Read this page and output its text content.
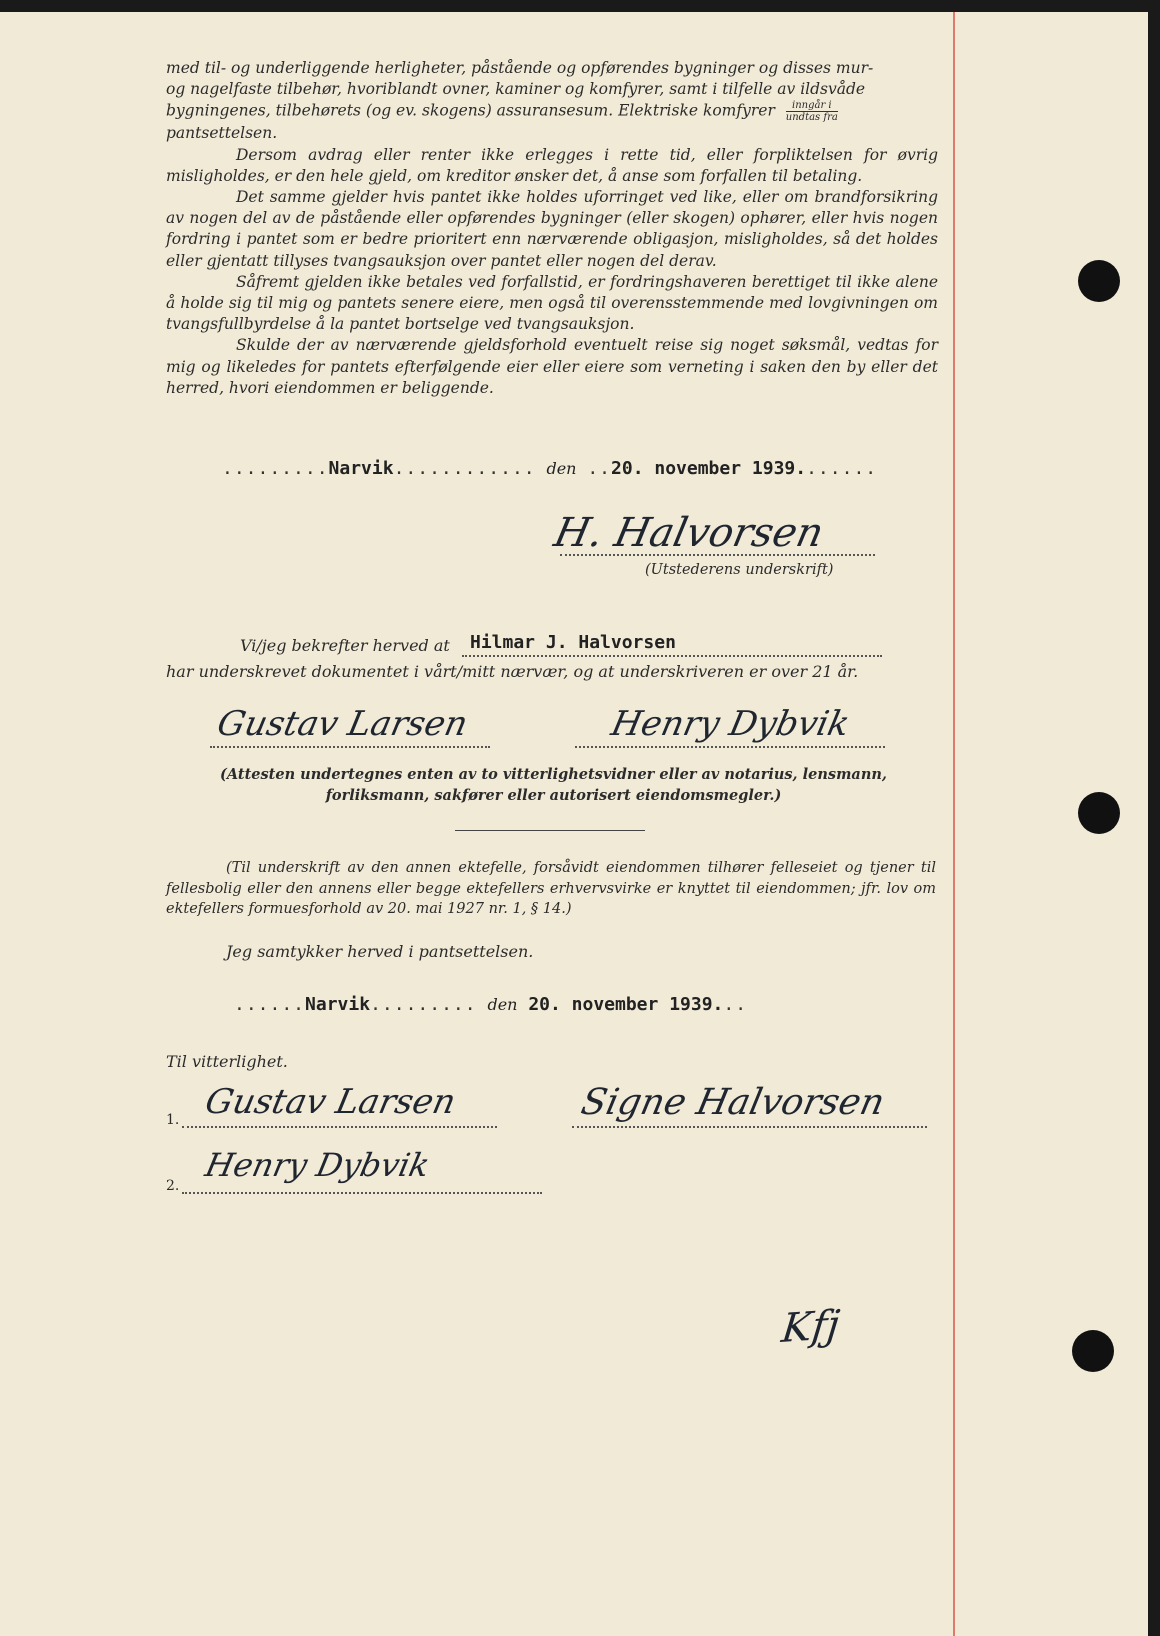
med til- og underliggende herligheter, påstående og opførendes bygninger og disses mur-

og nagelfaste tilbehør, hvoriblandt ovner, kaminer og komfyrer, samt i tilfelle av ildsvåde

bygningenes, tilbehørets (og ev. skogens) assuransesum. Elektriske komfyrer $\frac{\text{inngår i}}{\text{undtas fra}}$

pantsettelsen.

Dersom avdrag eller renter ikke erlegges i rette tid, eller forpliktelsen for øvrig misligholdes, er den hele gjeld, om kreditor ønsker det, å anse som forfallen til betaling.

Det samme gjelder hvis pantet ikke holdes uforringet ved like, eller om brandforsikring av nogen del av de påstående eller opførendes bygninger (eller skogen) ophører, eller hvis nogen fordring i pantet som er bedre prioritert enn nærværende obligasjon, misligholdes, så det holdes eller gjentatt tillyses tvangsauksjon over pantet eller nogen del derav.

Såfremt gjelden ikke betales ved forfallstid, er fordringshaveren berettiget til ikke alene å holde sig til mig og pantets senere eiere, men også til overensstemmende med lovgivningen om tvangsfullbyrdelse å la pantet bortselge ved tvangsauksjon.

Skulde der av nærværende gjeldsforhold eventuelt reise sig noget søksmål, vedtas for mig og likeledes for pantets efterfølgende eier eller eiere som verneting i saken den by eller det herred, hvori eiendommen er beliggende.

.........Narvik............ den ..20. november 1939.......
H. Halvorsen
(Utstederens underskrift)
Vi/jeg bekrefter herved at Hilmar J. Halvorsen
har underskrevet dokumentet i vårt/mitt nærvær, og at underskriveren er over 21 år.
Gustav Larsen	Henry Dybvik
(Attesten undertegnes enten av to vitterlighetsvidner eller av notarius, lensmann, forliksmann, sakfører eller autorisert eiendomsmegler.)
(Til underskrift av den annen ektefelle, forsåvidt eiendommen tilhører felleseiet og tjener til fellesbolig eller den annens eller begge ektefellers erhvervsvirke er knyttet til eiendommen; jfr. lov om ektefellers formuesforhold av 20. mai 1927 nr. 1, § 14.)
Jeg samtykker herved i pantsettelsen.
......Narvik......... den 20. november 1939...
Til vitterlighet.
1. Gustav Larsen	Signe Halvorsen
2.
Henry Dybvik
Kfj
